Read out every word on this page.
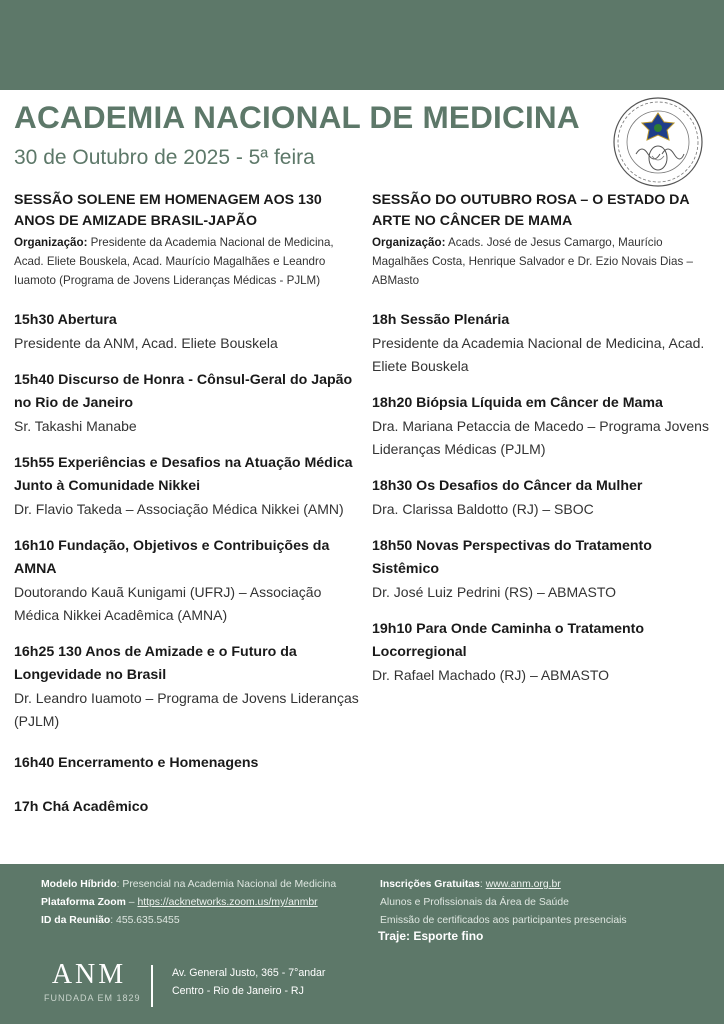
ACADEMIA NACIONAL DE MEDICINA
30 de Outubro de 2025 - 5ª feira
SESSÃO SOLENE EM HOMENAGEM AOS 130 ANOS DE AMIZADE BRASIL-JAPÃO
Organização: Presidente da Academia Nacional de Medicina, Acad. Eliete Bouskela, Acad. Maurício Magalhães e Leandro Iuamoto (Programa de Jovens Lideranças Médicas - PJLM)
15h30 Abertura
Presidente da ANM, Acad. Eliete Bouskela
15h40 Discurso de Honra - Cônsul-Geral do Japão no Rio de Janeiro
Sr. Takashi Manabe
15h55 Experiências e Desafios na Atuação Médica Junto à Comunidade Nikkei
Dr. Flavio Takeda – Associação Médica Nikkei (AMN)
16h10 Fundação, Objetivos e Contribuições da AMNA
Doutorando Kauã Kunigami (UFRJ) – Associação Médica Nikkei Acadêmica (AMNA)
16h25 130 Anos de Amizade e o Futuro da Longevidade no Brasil
Dr. Leandro Iuamoto – Programa de Jovens Lideranças (PJLM)
16h40 Encerramento e Homenagens
17h Chá Acadêmico
SESSÃO DO OUTUBRO ROSA – O ESTADO DA ARTE NO CÂNCER DE MAMA
Organização: Acads. José de Jesus Camargo, Maurício Magalhães Costa, Henrique Salvador e Dr. Ezio Novais Dias – ABMasto
18h Sessão Plenária
Presidente da Academia Nacional de Medicina, Acad. Eliete Bouskela
18h20 Biópsia Líquida em Câncer de Mama
Dra. Mariana Petaccia de Macedo – Programa Jovens Lideranças Médicas (PJLM)
18h30 Os Desafios do Câncer da Mulher
Dra. Clarissa Baldotto (RJ) – SBOC
18h50 Novas Perspectivas do Tratamento Sistêmico
Dr. José Luiz Pedrini (RS) – ABMASTO
19h10 Para Onde Caminha o Tratamento Locorregional
Dr. Rafael Machado (RJ) – ABMASTO
Modelo Híbrido: Presencial na Academia Nacional de Medicina
Plataforma Zoom – https://acknetworks.zoom.us/my/anmbr
ID da Reunião: 455.635.5455
Inscrições Gratuitas: www.anm.org.br
Alunos e Profissionais da Área de Saúde
Emissão de certificados aos participantes presenciais
Traje: Esporte fino
ANM
FUNDADA EM 1829
Av. General Justo, 365 - 7°andar
Centro - Rio de Janeiro - RJ
